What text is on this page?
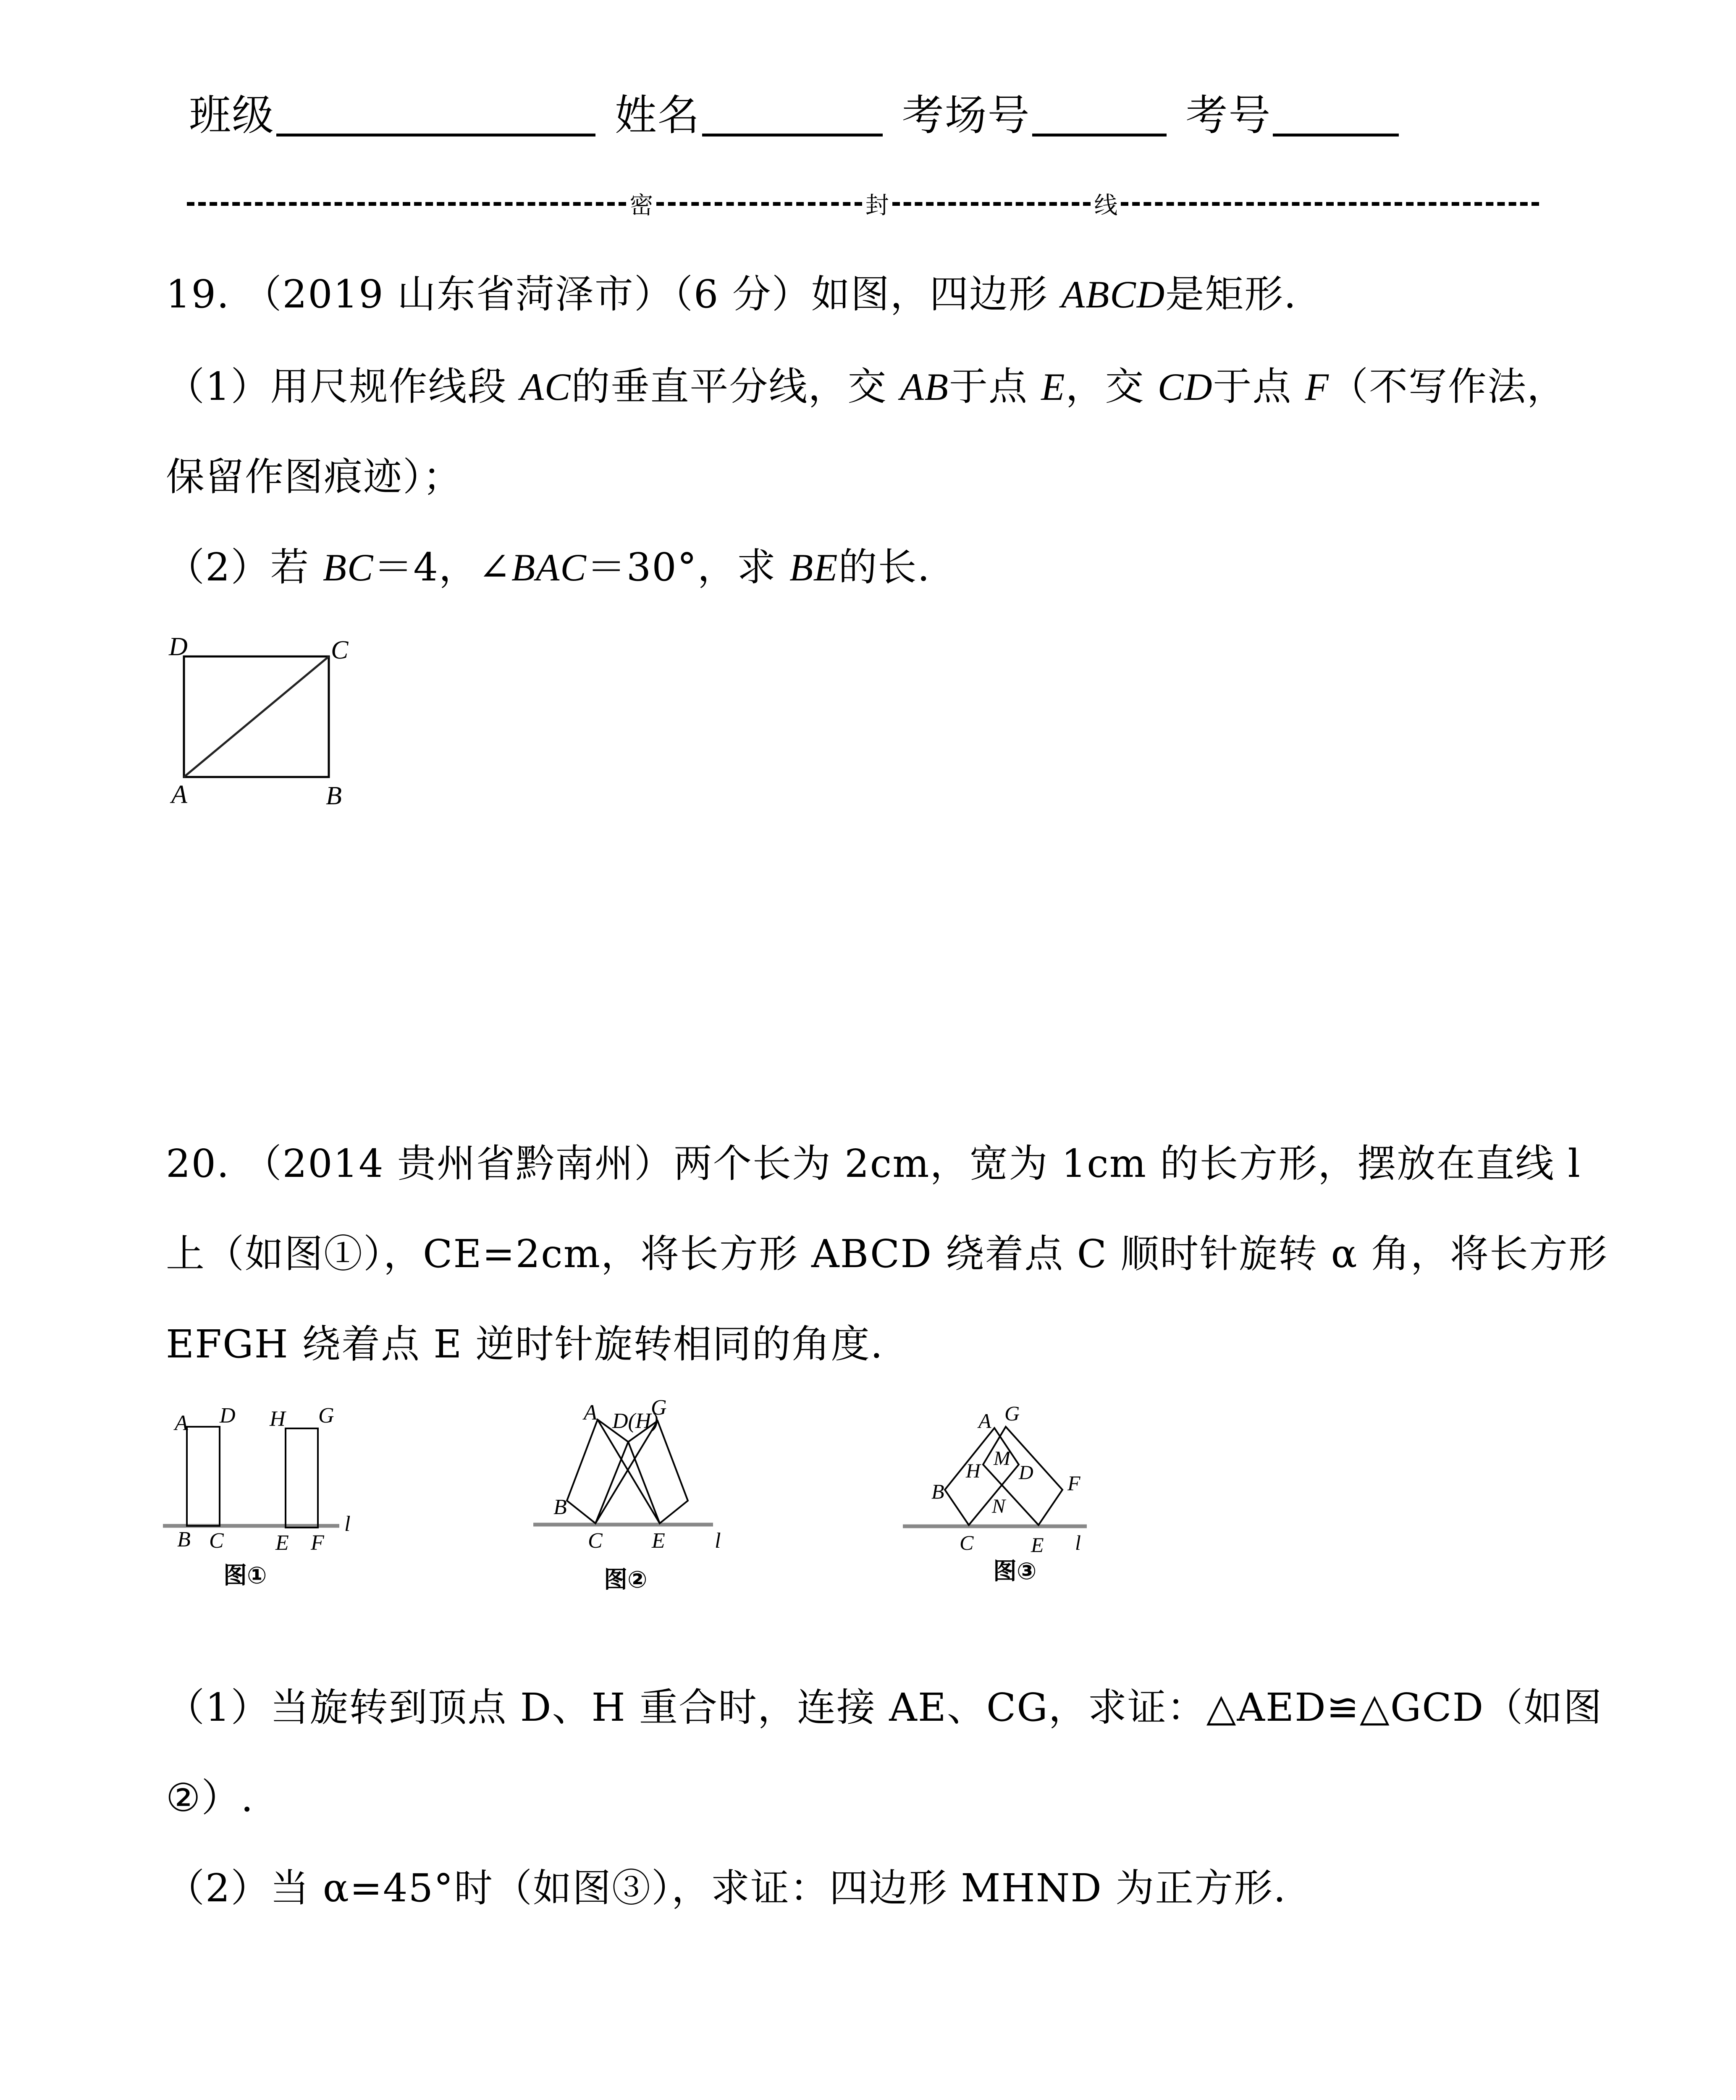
班级	姓名	考场号	考号
密	封	线
19. （2019 山东省菏泽市）（6 分）如图，四边形 ABCD是矩形.
（1）用尺规作线段 AC的垂直平分线，交 AB于点 E，交 CD于点 F（不写作法，
保留作图痕迹）；
（2）若 BC＝4，∠BAC＝30°，求 BE的长.
D	C
A	B
20. （2014 贵州省黔南州）两个长为 2cm，宽为 1cm 的长方形，摆放在直线 l
上（如图①），CE=2cm，将长方形 ABCD 绕着点 C 顺时针旋转 α 角，将长方形
EFGH 绕着点 E 逆时针旋转相同的角度.
A D H G
B C E F
l
图①
A D(H)
G
B
C E l
图②
A G
M
H D
B	F
N
C	E l
图③
（1）当旋转到顶点 D、H 重合时，连接 AE、CG，求证：△AED≌△GCD（如图
②）.
（2）当 α=45°时（如图③），求证：四边形 MHND 为正方形.
